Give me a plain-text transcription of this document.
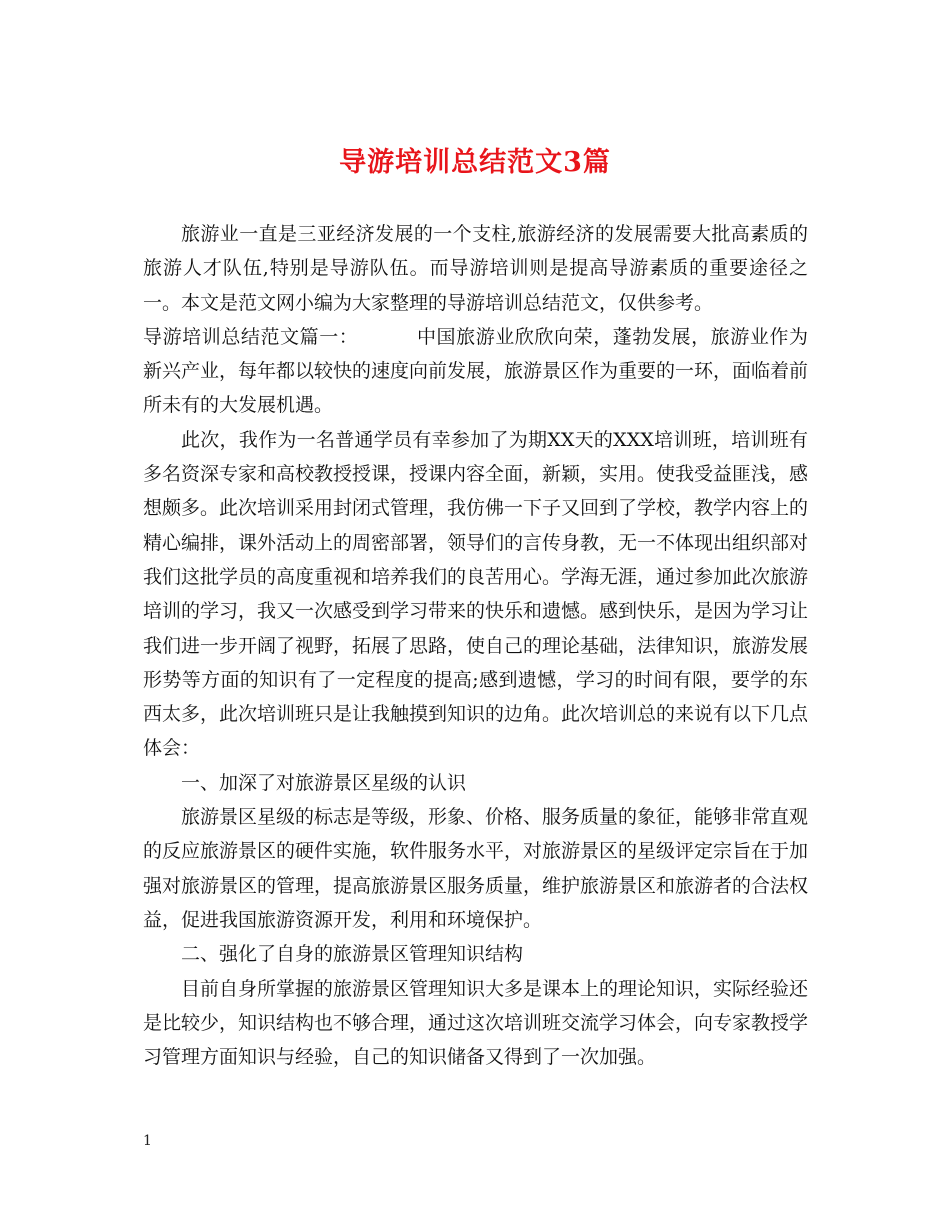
导游培训总结范文3篇

旅游业一直是三亚经济发展的一个支柱,旅游经济的发展需要大批高素质的旅游人才队伍,特别是导游队伍。而导游培训则是提高导游素质的重要途径之一。本文是范文网小编为大家整理的导游培训总结范文，仅供参考。

导游培训总结范文篇一：	中国旅游业欣欣向荣，蓬勃发展，旅游业作为新兴产业，每年都以较快的速度向前发展，旅游景区作为重要的一环，面临着前所未有的大发展机遇。

此次，我作为一名普通学员有幸参加了为期XX天的XXX培训班，培训班有多名资深专家和高校教授授课，授课内容全面，新颖，实用。使我受益匪浅，感想颇多。此次培训采用封闭式管理，我仿佛一下子又回到了学校，教学内容上的精心编排，课外活动上的周密部署，领导们的言传身教，无一不体现出组织部对我们这批学员的高度重视和培养我们的良苦用心。学海无涯，通过参加此次旅游培训的学习，我又一次感受到学习带来的快乐和遗憾。感到快乐，是因为学习让我们进一步开阔了视野，拓展了思路，使自己的理论基础，法律知识，旅游发展形势等方面的知识有了一定程度的提高;感到遗憾，学习的时间有限，要学的东西太多，此次培训班只是让我触摸到知识的边角。此次培训总的来说有以下几点体会：

一、加深了对旅游景区星级的认识

旅游景区星级的标志是等级，形象、价格、服务质量的象征，能够非常直观的反应旅游景区的硬件实施，软件服务水平，对旅游景区的星级评定宗旨在于加强对旅游景区的管理，提高旅游景区服务质量，维护旅游景区和旅游者的合法权益，促进我国旅游资源开发，利用和环境保护。

二、强化了自身的旅游景区管理知识结构

目前自身所掌握的旅游景区管理知识大多是课本上的理论知识，实际经验还是比较少，知识结构也不够合理，通过这次培训班交流学习体会，向专家教授学习管理方面知识与经验，自己的知识储备又得到了一次加强。

1
